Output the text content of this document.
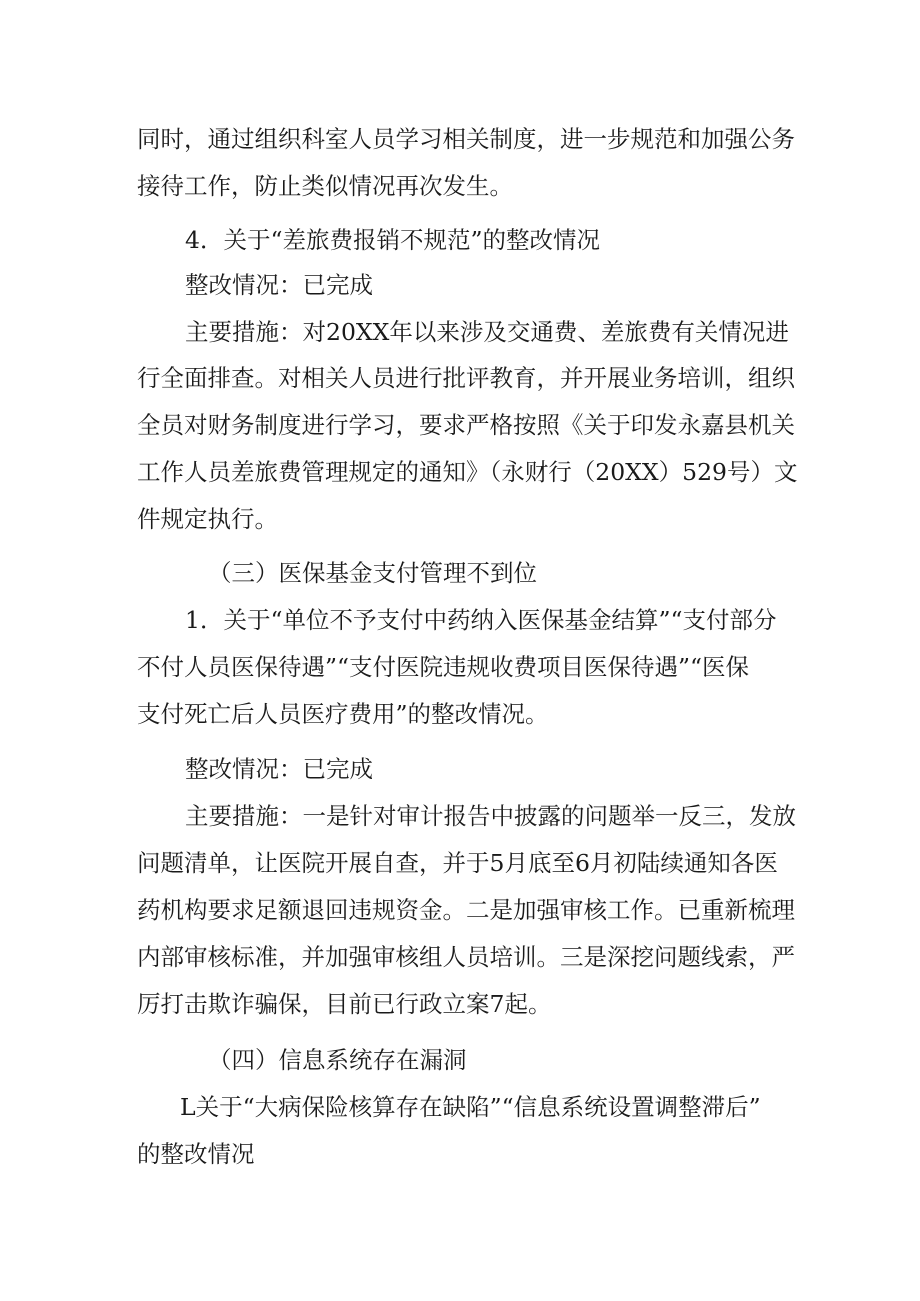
同时，通过组织科室人员学习相关制度，进一步规范和加强公务
接待工作，防止类似情况再次发生。
4．关于“差旅费报销不规范”的整改情况
整改情况：已完成
主要措施：对20XX年以来涉及交通费、差旅费有关情况进
行全面排查。对相关人员进行批评教育，并开展业务培训，组织
全员对财务制度进行学习，要求严格按照《关于印发永嘉县机关
工作人员差旅费管理规定的通知》（永财行（20XX）529号）文
件规定执行。
（三）医保基金支付管理不到位
1．关于“单位不予支付中药纳入医保基金结算”“支付部分
不付人员医保待遇”“支付医院违规收费项目医保待遇”“医保
支付死亡后人员医疗费用”的整改情况。
整改情况：已完成
主要措施：一是针对审计报告中披露的问题举一反三，发放
问题清单，让医院开展自查，并于5月底至6月初陆续通知各医
药机构要求足额退回违规资金。二是加强审核工作。已重新梳理
内部审核标准，并加强审核组人员培训。三是深挖问题线索，严
厉打击欺诈骗保，目前已行政立案7起。
（四）信息系统存在漏洞
L关于“大病保险核算存在缺陷”“信息系统设置调整滞后”
的整改情况
